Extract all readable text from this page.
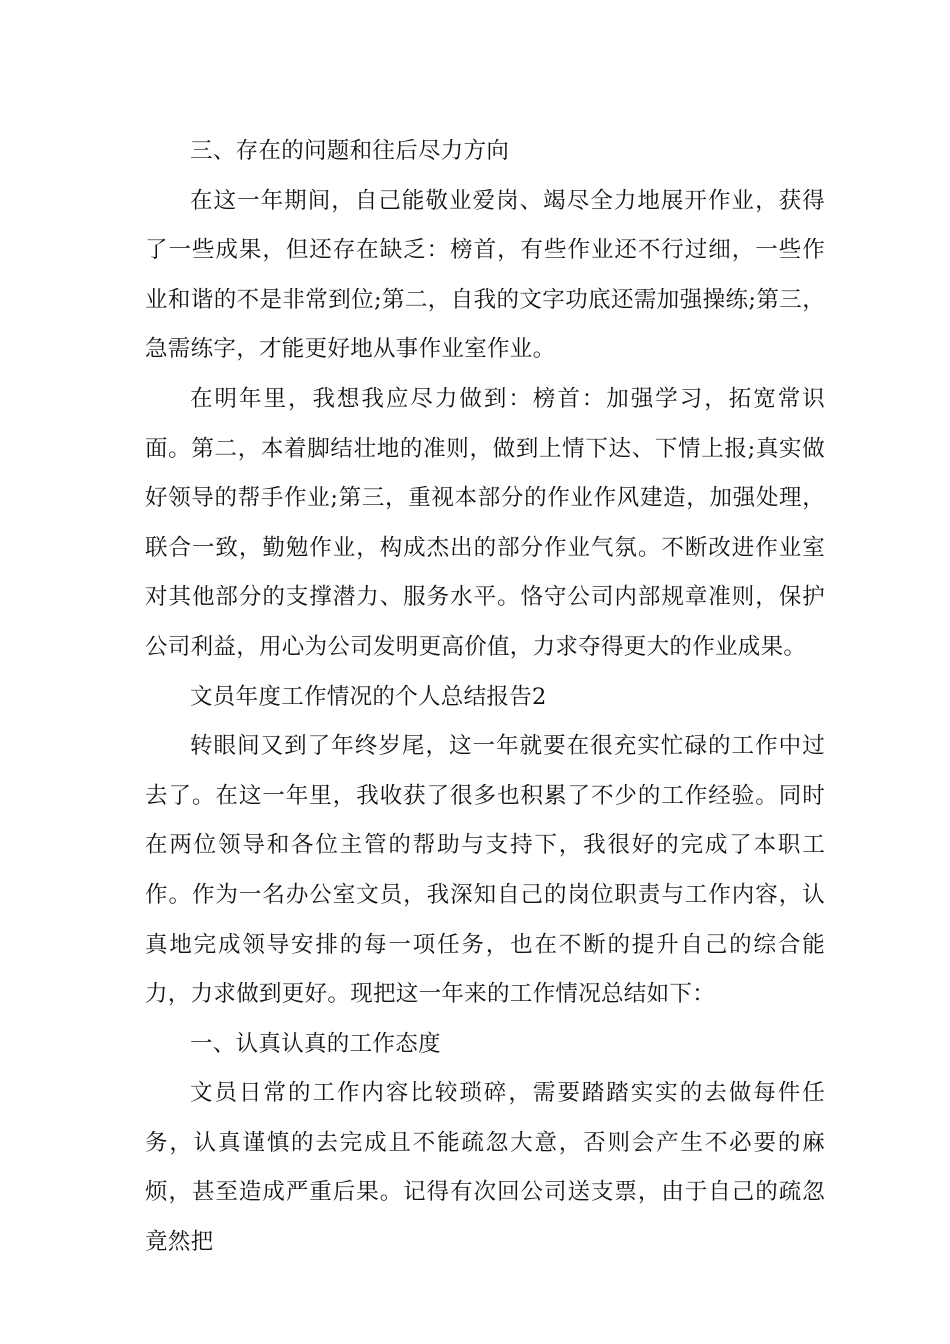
三、存在的问题和往后尽力方向

在这一年期间，自己能敬业爱岗、竭尽全力地展开作业，获得了一些成果，但还存在缺乏：榜首，有些作业还不行过细，一些作业和谐的不是非常到位;第二，自我的文字功底还需加强操练;第三，急需练字，才能更好地从事作业室作业。

在明年里，我想我应尽力做到：榜首：加强学习，拓宽常识面。第二，本着脚结壮地的准则，做到上情下达、下情上报;真实做好领导的帮手作业;第三，重视本部分的作业作风建造，加强处理，联合一致，勤勉作业，构成杰出的部分作业气氛。不断改进作业室对其他部分的支撑潜力、服务水平。恪守公司内部规章准则，保护公司利益，用心为公司发明更高价值，力求夺得更大的作业成果。

文员年度工作情况的个人总结报告2

转眼间又到了年终岁尾，这一年就要在很充实忙碌的工作中过去了。在这一年里，我收获了很多也积累了不少的工作经验。同时在两位领导和各位主管的帮助与支持下，我很好的完成了本职工作。作为一名办公室文员，我深知自己的岗位职责与工作内容，认真地完成领导安排的每一项任务，也在不断的提升自己的综合能力，力求做到更好。现把这一年来的工作情况总结如下：

一、认真认真的工作态度

文员日常的工作内容比较琐碎，需要踏踏实实的去做每件任务，认真谨慎的去完成且不能疏忽大意，否则会产生不必要的麻烦，甚至造成严重后果。记得有次回公司送支票，由于自己的疏忽竟然把
